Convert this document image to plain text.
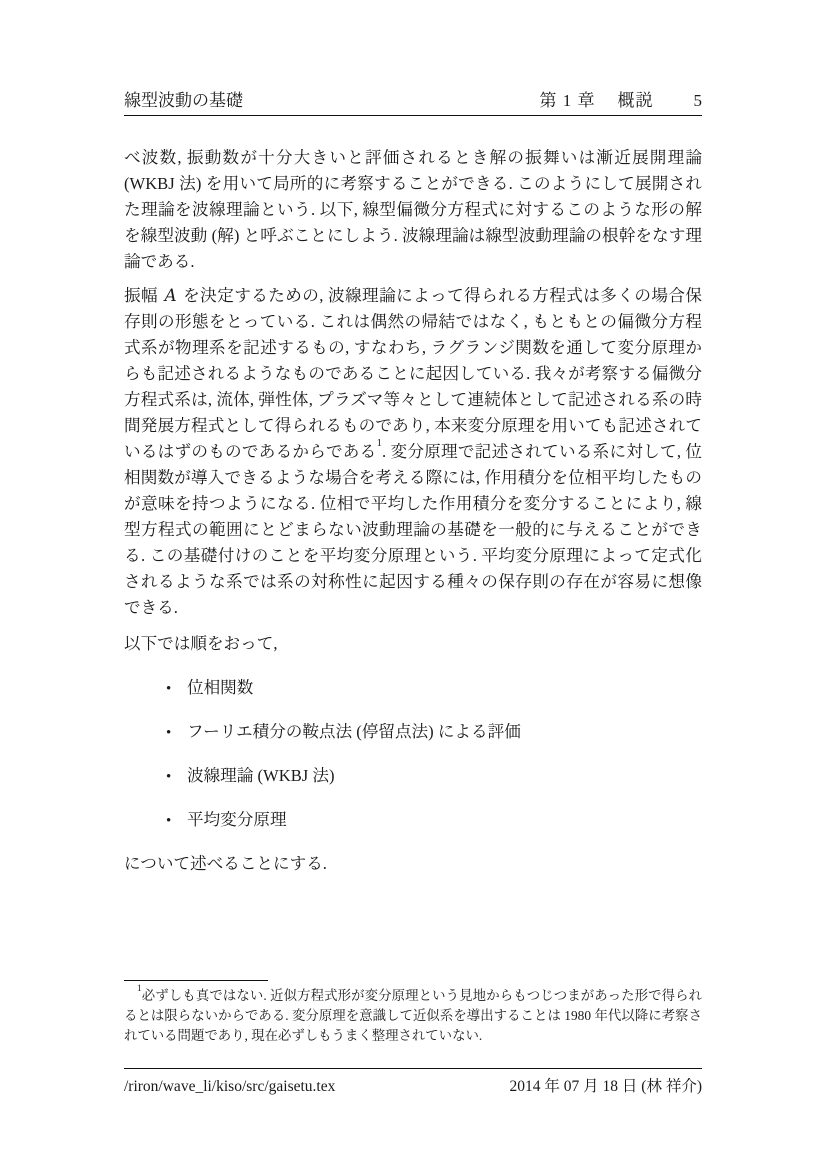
線型波動の基礎	第 1 章 概説 5

べ波数, 振動数が十分大きいと評価されるとき解の振舞いは漸近展開理論 (WKBJ 法) を用いて局所的に考察することができる. このようにして展開された理論を波線理論という. 以下, 線型偏微分方程式に対するこのような形の解を線型波動 (解) と呼ぶことにしよう. 波線理論は線型波動理論の根幹をなす理論である.

振幅 A を決定するための, 波線理論によって得られる方程式は多くの場合保存則の形態をとっている. これは偶然の帰結ではなく, もともとの偏微分方程式系が物理系を記述するもの, すなわち, ラグランジ関数を通して変分原理からも記述されるようなものであることに起因している. 我々が考察する偏微分方程式系は, 流体, 弾性体, プラズマ等々として連続体として記述される系の時間発展方程式として得られるものであり, 本来変分原理を用いても記述されているはずのものであるからである$^1$. 変分原理で記述されている系に対して, 位相関数が導入できるような場合を考える際には, 作用積分を位相平均したものが意味を持つようになる. 位相で平均した作用積分を変分することにより, 線型方程式の範囲にとどまらない波動理論の基礎を一般的に与えることができる. この基礎付けのことを平均変分原理という. 平均変分原理によって定式化されるような系では系の対称性に起因する種々の保存則の存在が容易に想像できる.

以下では順をおって,

• 位相関数
• フーリエ積分の鞍点法 (停留点法) による評価
• 波線理論 (WKBJ 法)
• 平均変分原理

について述べることにする.

$^1$必ずしも真ではない. 近似方程式形が変分原理という見地からもつじつまがあった形で得られるとは限らないからである. 変分原理を意識して近似系を導出することは 1980 年代以降に考察されている問題であり, 現在必ずしもうまく整理されていない.

/riron/wave_li/kiso/src/gaisetu.tex	2014 年 07 月 18 日 (林 祥介)
